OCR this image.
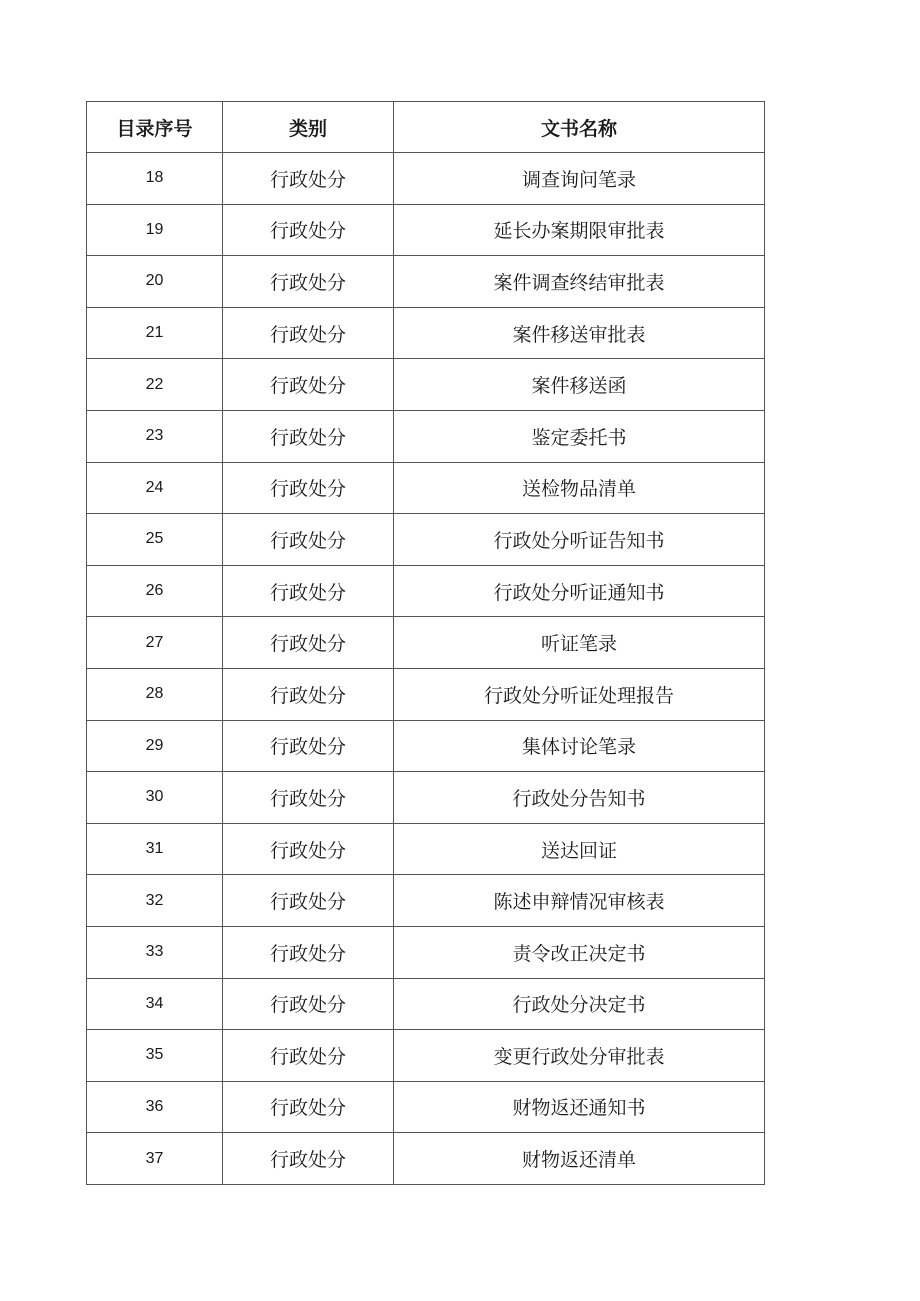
目录序号	类别	文书名称
18	行政处分	调查询问笔录
19	行政处分	延长办案期限审批表
20	行政处分	案件调查终结审批表
21	行政处分	案件移送审批表
22	行政处分	案件移送函
23	行政处分	鉴定委托书
24	行政处分	送检物品清单
25	行政处分	行政处分听证告知书
26	行政处分	行政处分听证通知书
27	行政处分	听证笔录
28	行政处分	行政处分听证处理报告
29	行政处分	集体讨论笔录
30	行政处分	行政处分告知书
31	行政处分	送达回证
32	行政处分	陈述申辩情况审核表
33	行政处分	责令改正决定书
34	行政处分	行政处分决定书
35	行政处分	变更行政处分审批表
36	行政处分	财物返还通知书
37	行政处分	财物返还清单
